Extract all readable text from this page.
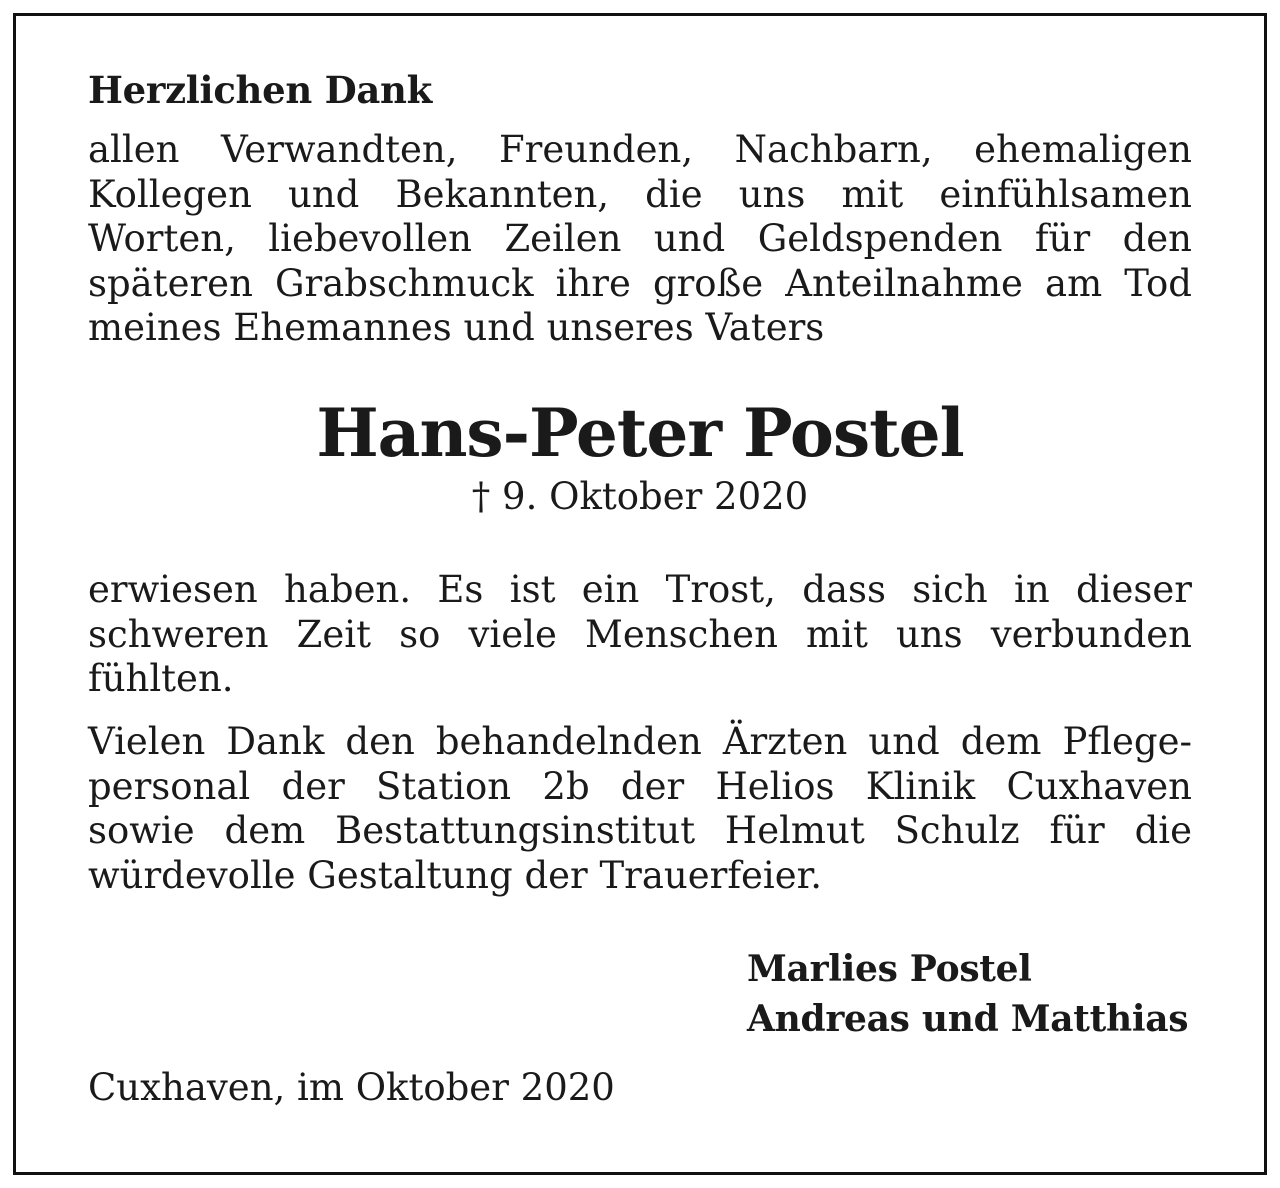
Herzlichen Dank
allen Verwandten, Freunden, Nachbarn, ehemaligen
Kollegen und Bekannten, die uns mit einfühlsamen
Worten, liebevollen Zeilen und Geldspenden für den
späteren Grabschmuck ihre große Anteilnahme am Tod
meines Ehemannes und unseres Vaters
Hans-Peter Postel
† 9. Oktober 2020
erwiesen haben. Es ist ein Trost, dass sich in dieser
schweren Zeit so viele Menschen mit uns verbunden
fühlten.
Vielen Dank den behandelnden Ärzten und dem Pflege-
personal der Station 2b der Helios Klinik Cuxhaven
sowie dem Bestattungsinstitut Helmut Schulz für die
würdevolle Gestaltung der Trauerfeier.
Marlies Postel
Andreas und Matthias
Cuxhaven, im Oktober 2020
